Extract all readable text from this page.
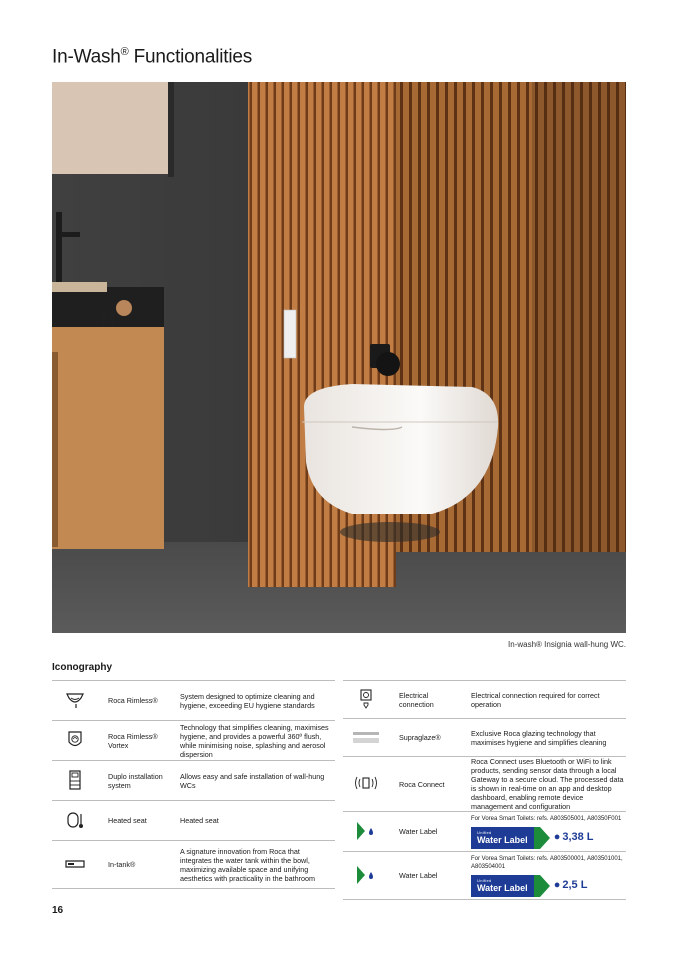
In-Wash® Functionalities
In-wash® Insignia wall-hung WC.
Iconography
	Roca Rimless®	System designed to optimize cleaning and hygiene, exceeding EU hygiene standards
	Roca Rimless® Vortex	Technology that simplifies cleaning, maximises hygiene, and provides a powerful 360º flush, while minimising noise, splashing and aerosol dispersion
	Duplo installation system	Allows easy and safe installation of wall-hung WCs
	Heated seat	Heated seat
	In-tank®	A signature innovation from Roca that integrates the water tank within the bowl, maximizing available space and unifying aesthetics with practicality in the bathroom
	Electrical connection	Electrical connection required for correct operation
	Supraglaze®	Exclusive Roca glazing technology that maximises hygiene and simplifies cleaning
	Roca Connect	Roca Connect uses Bluetooth or WiFi to link products, sending sensor data through a local Gateway to a secure cloud. The processed data is shown in real-time on an app and desktop dashboard, enabling remote device management and configuration
	Water Label	For Vorea Smart Toilets: refs. A803505001, A80350F001
Unified
Water Label ● 3,38 L

	Water Label	For Vorea Smart Toilets: refs. A803500001, A803501001, A803504001
Unified
Water Label ● 2,5 L
16
